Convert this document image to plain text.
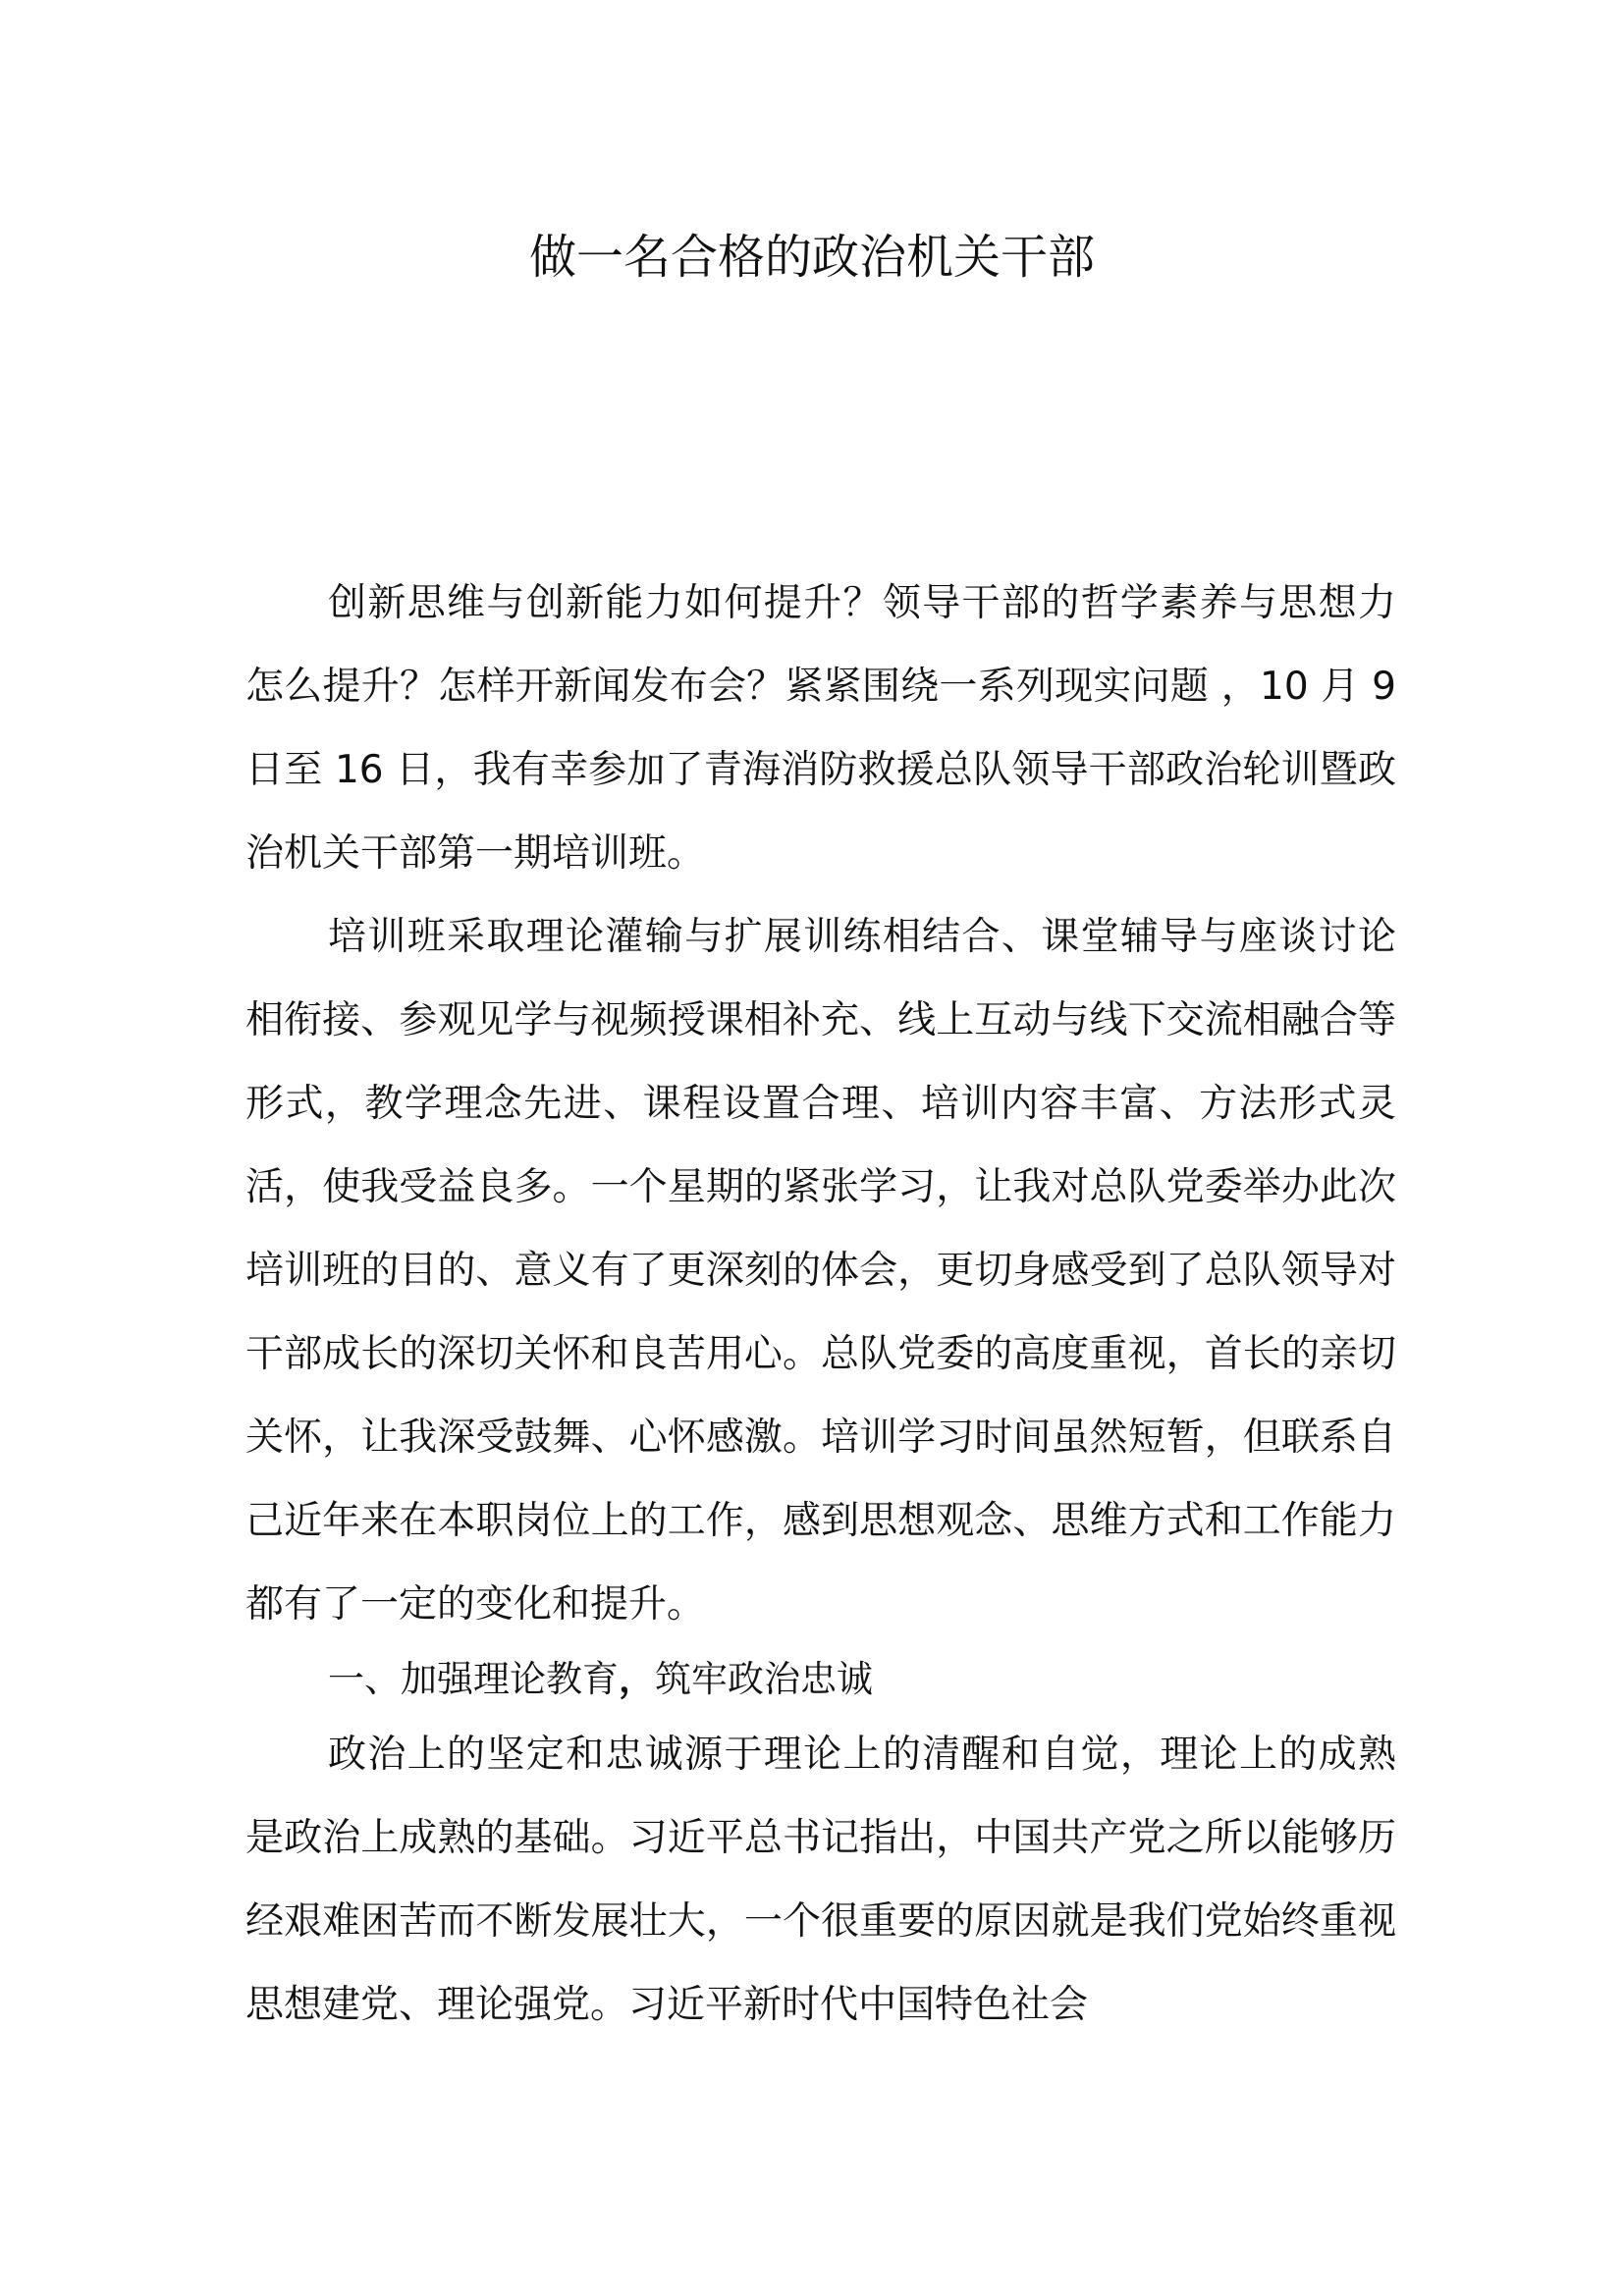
做一名合格的政治机关干部

创新思维与创新能力如何提升？领导干部的哲学素养与思想力怎么提升？怎样开新闻发布会？紧紧围绕一系列现实问题 ，10 月 9 日至 16 日，我有幸参加了青海消防救援总队领导干部政治轮训暨政治机关干部第一期培训班。

培训班采取理论灌输与扩展训练相结合、课堂辅导与座谈讨论相衔接、参观见学与视频授课相补充、线上互动与线下交流相融合等形式，教学理念先进、课程设置合理、培训内容丰富、方法形式灵活，使我受益良多。一个星期的紧张学习，让我对总队党委举办此次培训班的目的、意义有了更深刻的体会，更切身感受到了总队领导对干部成长的深切关怀和良苦用心。总队党委的高度重视，首长的亲切关怀，让我深受鼓舞、心怀感激。培训学习时间虽然短暂，但联系自己近年来在本职岗位上的工作，感到思想观念、思维方式和工作能力都有了一定的变化和提升。

一、加强理论教育，筑牢政治忠诚

政治上的坚定和忠诚源于理论上的清醒和自觉，理论上的成熟是政治上成熟的基础。习近平总书记指出，中国共产党之所以能够历经艰难困苦而不断发展壮大，一个很重要的原因就是我们党始终重视思想建党、理论强党。习近平新时代中国特色社会
